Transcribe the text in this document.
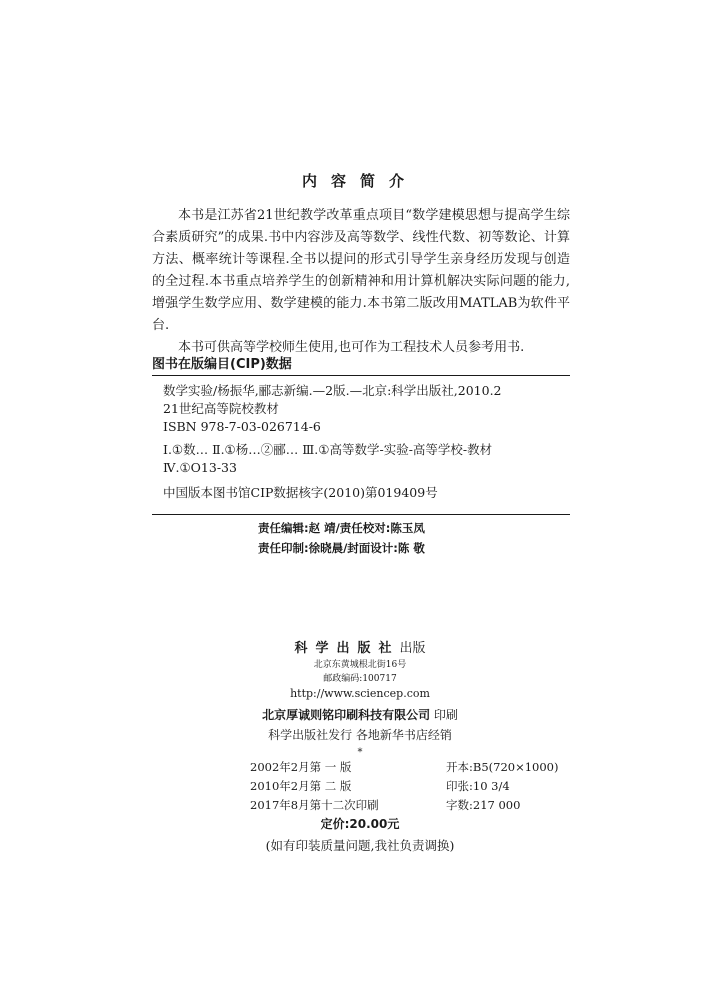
内容简介

本书是江苏省21世纪教学改革重点项目“数学建模思想与提高学生综合素质研究”的成果.书中内容涉及高等数学、线性代数、初等数论、计算方法、概率统计等课程.全书以提问的形式引导学生亲身经历发现与创造的全过程.本书重点培养学生的创新精神和用计算机解决实际问题的能力,增强学生数学应用、数学建模的能力.本书第二版改用MATLAB为软件平台.

本书可供高等学校师生使用,也可作为工程技术人员参考用书.

图书在版编目(CIP)数据
数学实验/杨振华,郦志新编.—2版.—北京:科学出版社,2010.2
21世纪高等院校教材
ISBN 978-7-03-026714-6
Ⅰ.①数… Ⅱ.①杨…②郦… Ⅲ.①高等数学-实验-高等学校-教材
Ⅳ.①O13-33
中国版本图书馆CIP数据核字(2010)第019409号
责任编辑:赵 靖/责任校对:陈玉凤
责任印制:徐晓晨/封面设计:陈 敬
科学出版社出版
北京东黄城根北街16号
邮政编码:100717
http://www.sciencep.com
北京厚诚则铭印刷科技有限公司 印刷
科学出版社发行 各地新华书店经销
*
2002年2月第 一 版	开本:B5(720×1000)
2010年2月第 二 版	印张:10 3/4
2017年8月第十二次印刷	字数:217 000
定价:20.00元
(如有印装质量问题,我社负责调换)
